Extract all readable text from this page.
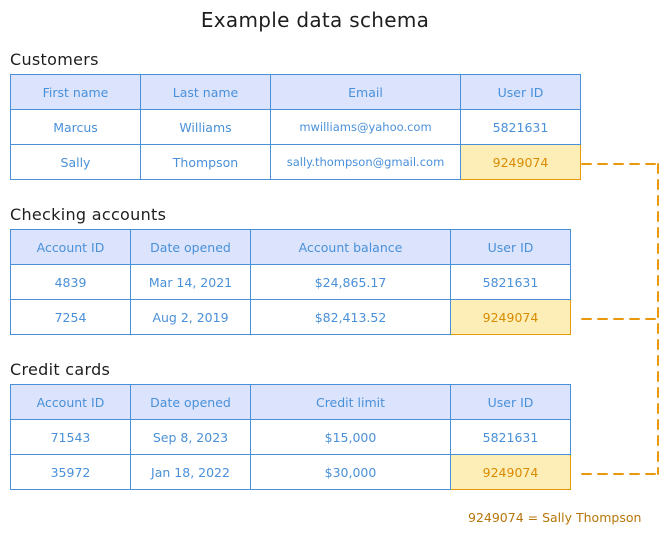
Example data schema
Customers
First name	Last name	Email	User ID
Marcus	Williams	mwilliams@yahoo.com	5821631
Sally	Thompson	sally.thompson@gmail.com	9249074
Checking accounts
Account ID	Date opened	Account balance	User ID
4839	Mar 14, 2021	$24,865.17	5821631
7254	Aug 2, 2019	$82,413.52	9249074
Credit cards
Account ID	Date opened	Credit limit	User ID
71543	Sep 8, 2023	$15,000	5821631
35972	Jan 18, 2022	$30,000	9249074
9249074 = Sally Thompson
